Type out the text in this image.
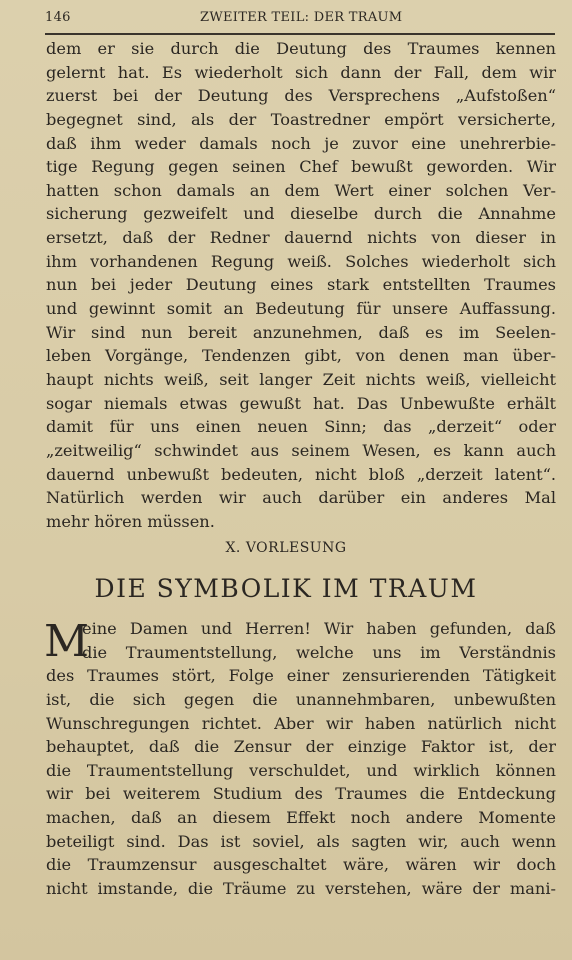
146	ZWEITER TEIL: DER TRAUM
dem er sie durch die Deutung des Traumes kennen
gelernt hat. Es wiederholt sich dann der Fall, dem wir
zuerst bei der Deutung des Versprechens „Aufstoßen“
begegnet sind, als der Toastredner empört versicherte,
daß ihm weder damals noch je zuvor eine unehrerbie-
tige Regung gegen seinen Chef bewußt geworden. Wir
hatten schon damals an dem Wert einer solchen Ver-
sicherung gezweifelt und dieselbe durch die Annahme
ersetzt, daß der Redner dauernd nichts von dieser in
ihm vorhandenen Regung weiß. Solches wiederholt sich
nun bei jeder Deutung eines stark entstellten Traumes
und gewinnt somit an Bedeutung für unsere Auffassung.
Wir sind nun bereit anzunehmen, daß es im Seelen-
leben Vorgänge, Tendenzen gibt, von denen man über-
haupt nichts weiß, seit langer Zeit nichts weiß, vielleicht
sogar niemals etwas gewußt hat. Das Unbewußte erhält
damit für uns einen neuen Sinn; das „derzeit“ oder
„zeitweilig“ schwindet aus seinem Wesen, es kann auch
dauernd unbewußt bedeuten, nicht bloß „derzeit latent“.
Natürlich werden wir auch darüber ein anderes Mal
mehr hören müssen.
X. VORLESUNG
DIE SYMBOLIK IM TRAUM
M
eine Damen und Herren! Wir haben gefunden, daß
die Traumentstellung, welche uns im Verständnis
des Traumes stört, Folge einer zensurierenden Tätigkeit
ist, die sich gegen die unannehmbaren, unbewußten
Wunschregungen richtet. Aber wir haben natürlich nicht
behauptet, daß die Zensur der einzige Faktor ist, der
die Traumentstellung verschuldet, und wirklich können
wir bei weiterem Studium des Traumes die Entdeckung
machen, daß an diesem Effekt noch andere Momente
beteiligt sind. Das ist soviel, als sagten wir, auch wenn
die Traumzensur ausgeschaltet wäre, wären wir doch
nicht imstande, die Träume zu verstehen, wäre der mani-
